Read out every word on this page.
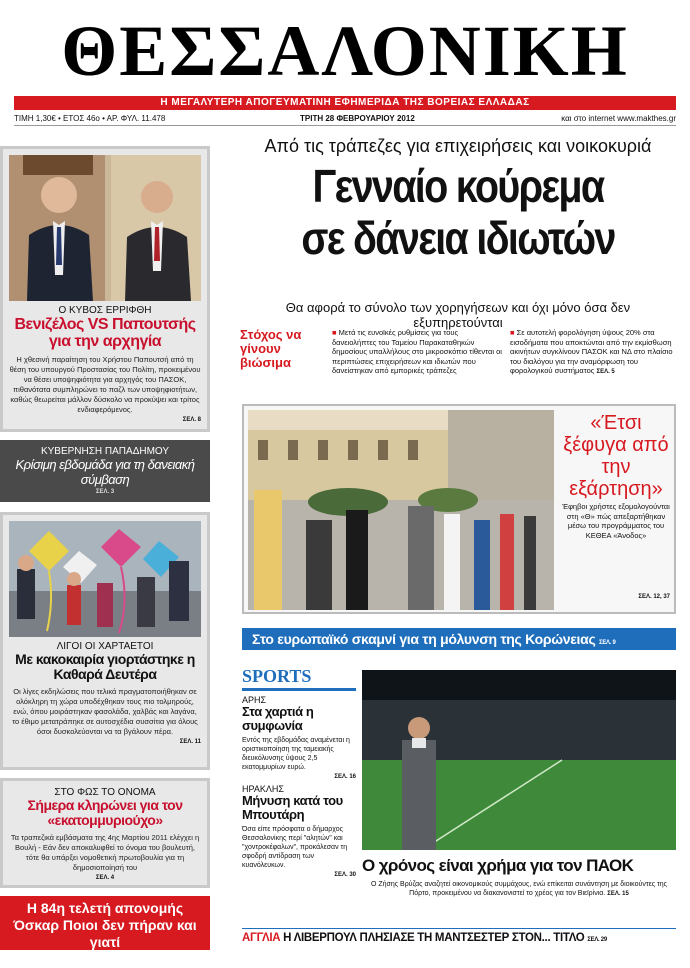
ΘΕΣΣΑΛΟΝΙΚΗ
Η ΜΕΓΑΛΥΤΕΡΗ ΑΠΟΓΕΥΜΑΤΙΝΗ ΕΦΗΜΕΡΙΔΑ ΤΗΣ ΒΟΡΕΙΑΣ ΕΛΛΑΔΑΣ
ΤΙΜΗ 1,30€ • ΕΤΟΣ 46ο • ΑΡ. ΦΥΛ. 11.478	ΤΡΙΤΗ 28 ΦΕΒΡΟΥΑΡΙΟΥ 2012	και στο internet www.makthes.gr
Ο ΚΥΒΟΣ ΕΡΡΙΦΘΗ
Βενιζέλος VS Παπουτσής για την αρχηγία
Η χθεσινή παραίτηση του Χρήστου Παπουτσή από τη θέση του υπουργού Προστασίας του Πολίτη, προκειμένου να θέσει υποψηφιότητα για αρχηγός του ΠΑΣΟΚ, πιθανότατα συμπληρώνει το παζλ των υποψηφιοτήτων, καθώς θεωρείται μάλλον δύσκολο να προκύψει και τρίτος ενδιαφερόμενος.
ΣΕΛ. 8
ΚΥΒΕΡΝΗΣΗ ΠΑΠΑΔΗΜΟΥ
Κρίσιμη εβδομάδα για τη δανειακή σύμβαση
ΣΕΛ. 3
ΛΙΓΟΙ ΟΙ ΧΑΡΤΑΕΤΟΙ
Με κακοκαιρία γιορτάστηκε η Καθαρά Δευτέρα
Οι λίγες εκδηλώσεις που τελικά πραγματοποιήθηκαν σε ολόκληρη τη χώρα υποδέχθηκαν τους πιο τολμηρούς, ενώ, όπου μοιράστηκαν φασολάδα, χαλβάς και λαγάνα, το έθιμο μετατράπηκε σε αυτοσχέδια συσσίτια για όλους όσοι δυσκολεύονται να τα βγάλουν πέρα.
ΣΕΛ. 11
ΣΤΟ ΦΩΣ ΤΟ ΟΝΟΜΑ
Σήμερα κληρώνει για τον «εκατομμυριούχο»
Τα τραπεζικά εμβάσματα της 4ης Μαρτίου 2011 ελέγχει η Βουλή - Εάν δεν αποκαλυφθεί το όνομα του βουλευτή, τότε θα υπάρξει νομοθετική πρωτοβουλία για τη δημοσιοποίησή του
ΣΕΛ. 4
Η 84η τελετή απονομής Όσκαρ Ποιοι δεν πήραν και γιατί
ΣΕΛ. 40-41
Από τις τράπεζες για επιχειρήσεις και νοικοκυριά
Γενναίο κούρεμα
σε δάνεια ιδιωτών
Θα αφορά το σύνολο των χορηγήσεων και όχι μόνο όσα δεν εξυπηρετούνται
Στόχος να γίνουν βιώσιμα
■ Μετά τις ευνοϊκές ρυθμίσεις για τους δανειολήπτες του Ταμείου Παρακαταθηκών δημοσίους υπαλλήλους στο μικροσκόπιο τίθενται οι περιπτώσεις επιχειρήσεων και ιδιωτών που δανείστηκαν από εμπορικές τράπεζες
■ Σε αυτοτελή φορολόγηση ύψους 20% στα εισοδήματα που αποκτώνται από την εκμίσθωση ακινήτων συγκλίνουν ΠΑΣΟΚ και ΝΔ στο πλαίσιο του διαλόγου για την αναμόρφωση του φορολογικού συστήματος ΣΕΛ. 5
«Έτσι ξέφυγα από την εξάρτηση»
Έφηβοι χρήστες εξομολογούνται στη «Θ» πώς απεξαρτήθηκαν μέσω του προγράμματος του ΚΕΘΕΑ «Άνοδος»
ΣΕΛ. 12, 37
Στο ευρωπαϊκό σκαμνί για τη μόλυνση της Κορώνειας ΣΕΛ. 9
SPORTS
ΑΡΗΣ
Στα χαρτιά η συμφωνία
Εντός της εβδομάδας αναμένεται η οριστικοποίηση της ταμειακής διευκόλυνσης ύψους 2,5 εκατομμυρίων ευρώ.
ΣΕΛ. 16
ΗΡΑΚΛΗΣ
Μήνυση κατά του Μπουτάρη
Όσα είπε πρόσφατα ο δήμαρχος Θεσσαλονίκης περί "αλητών" και "χοντροκέφαλων", προκάλεσαν τη σφοδρή αντίδραση των κυανόλευκων.
ΣΕΛ. 30 Ο χρόνος είναι χρήμα για τον ΠΑΟΚ
Ο Ζήσης Βρύζας αναζητεί οικονομικούς συμμάχους, ενώ επίκειται συνάντηση με διοικούντες της Πόρτο, προκειμένου να διακανονιστεί το χρέος για τον Βιεϊρίνια. ΣΕΛ. 15
ΑΓΓΛΙΑ Η ΛΙΒΕΡΠΟΥΛ ΠΛΗΣΙΑΣΕ ΤΗ ΜΑΝΤΣΕΣΤΕΡ ΣΤΟΝ... ΤΙΤΛΟ ΣΕΛ. 29
